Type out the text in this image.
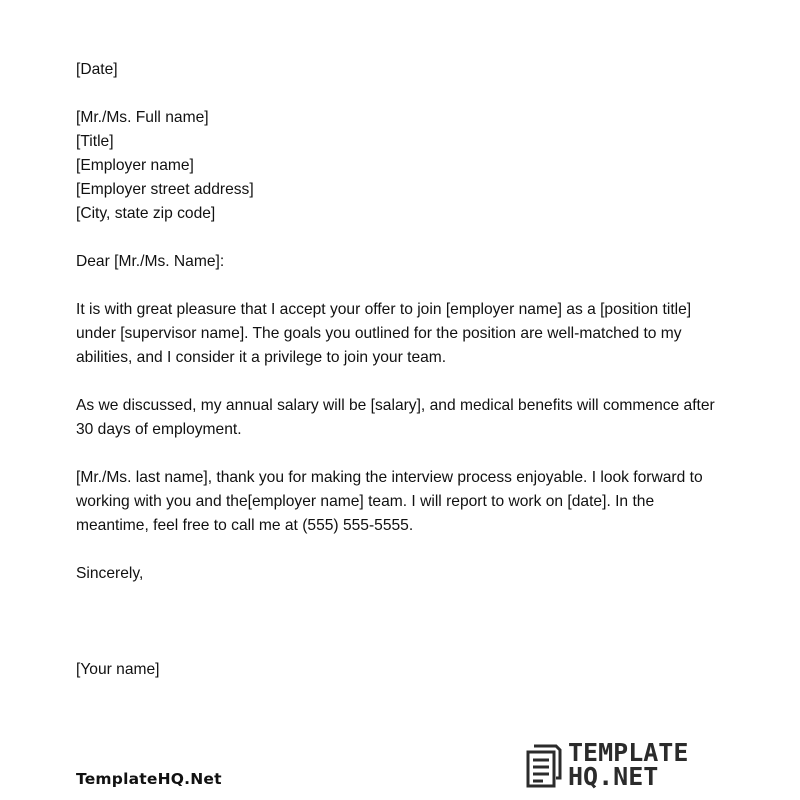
[Date]

[Mr./Ms. Full name]

[Title]

[Employer name]

[Employer street address]

[City, state zip code]

Dear [Mr./Ms. Name]:

It is with great pleasure that I accept your offer to join [employer name] as a [position title] under [supervisor name]. The goals you outlined for the position are well-matched to my abilities, and I consider it a privilege to join your team.

As we discussed, my annual salary will be [salary], and medical benefits will commence after 30 days of employment.

[Mr./Ms. last name], thank you for making the interview process enjoyable. I look forward to working with you and the[employer name] team. I will report to work on [date]. In the meantime, feel free to call me at (555) 555-5555.

Sincerely,

[Your name]

TemplateHQ.Net
TEMPLATE
HQ.NET
